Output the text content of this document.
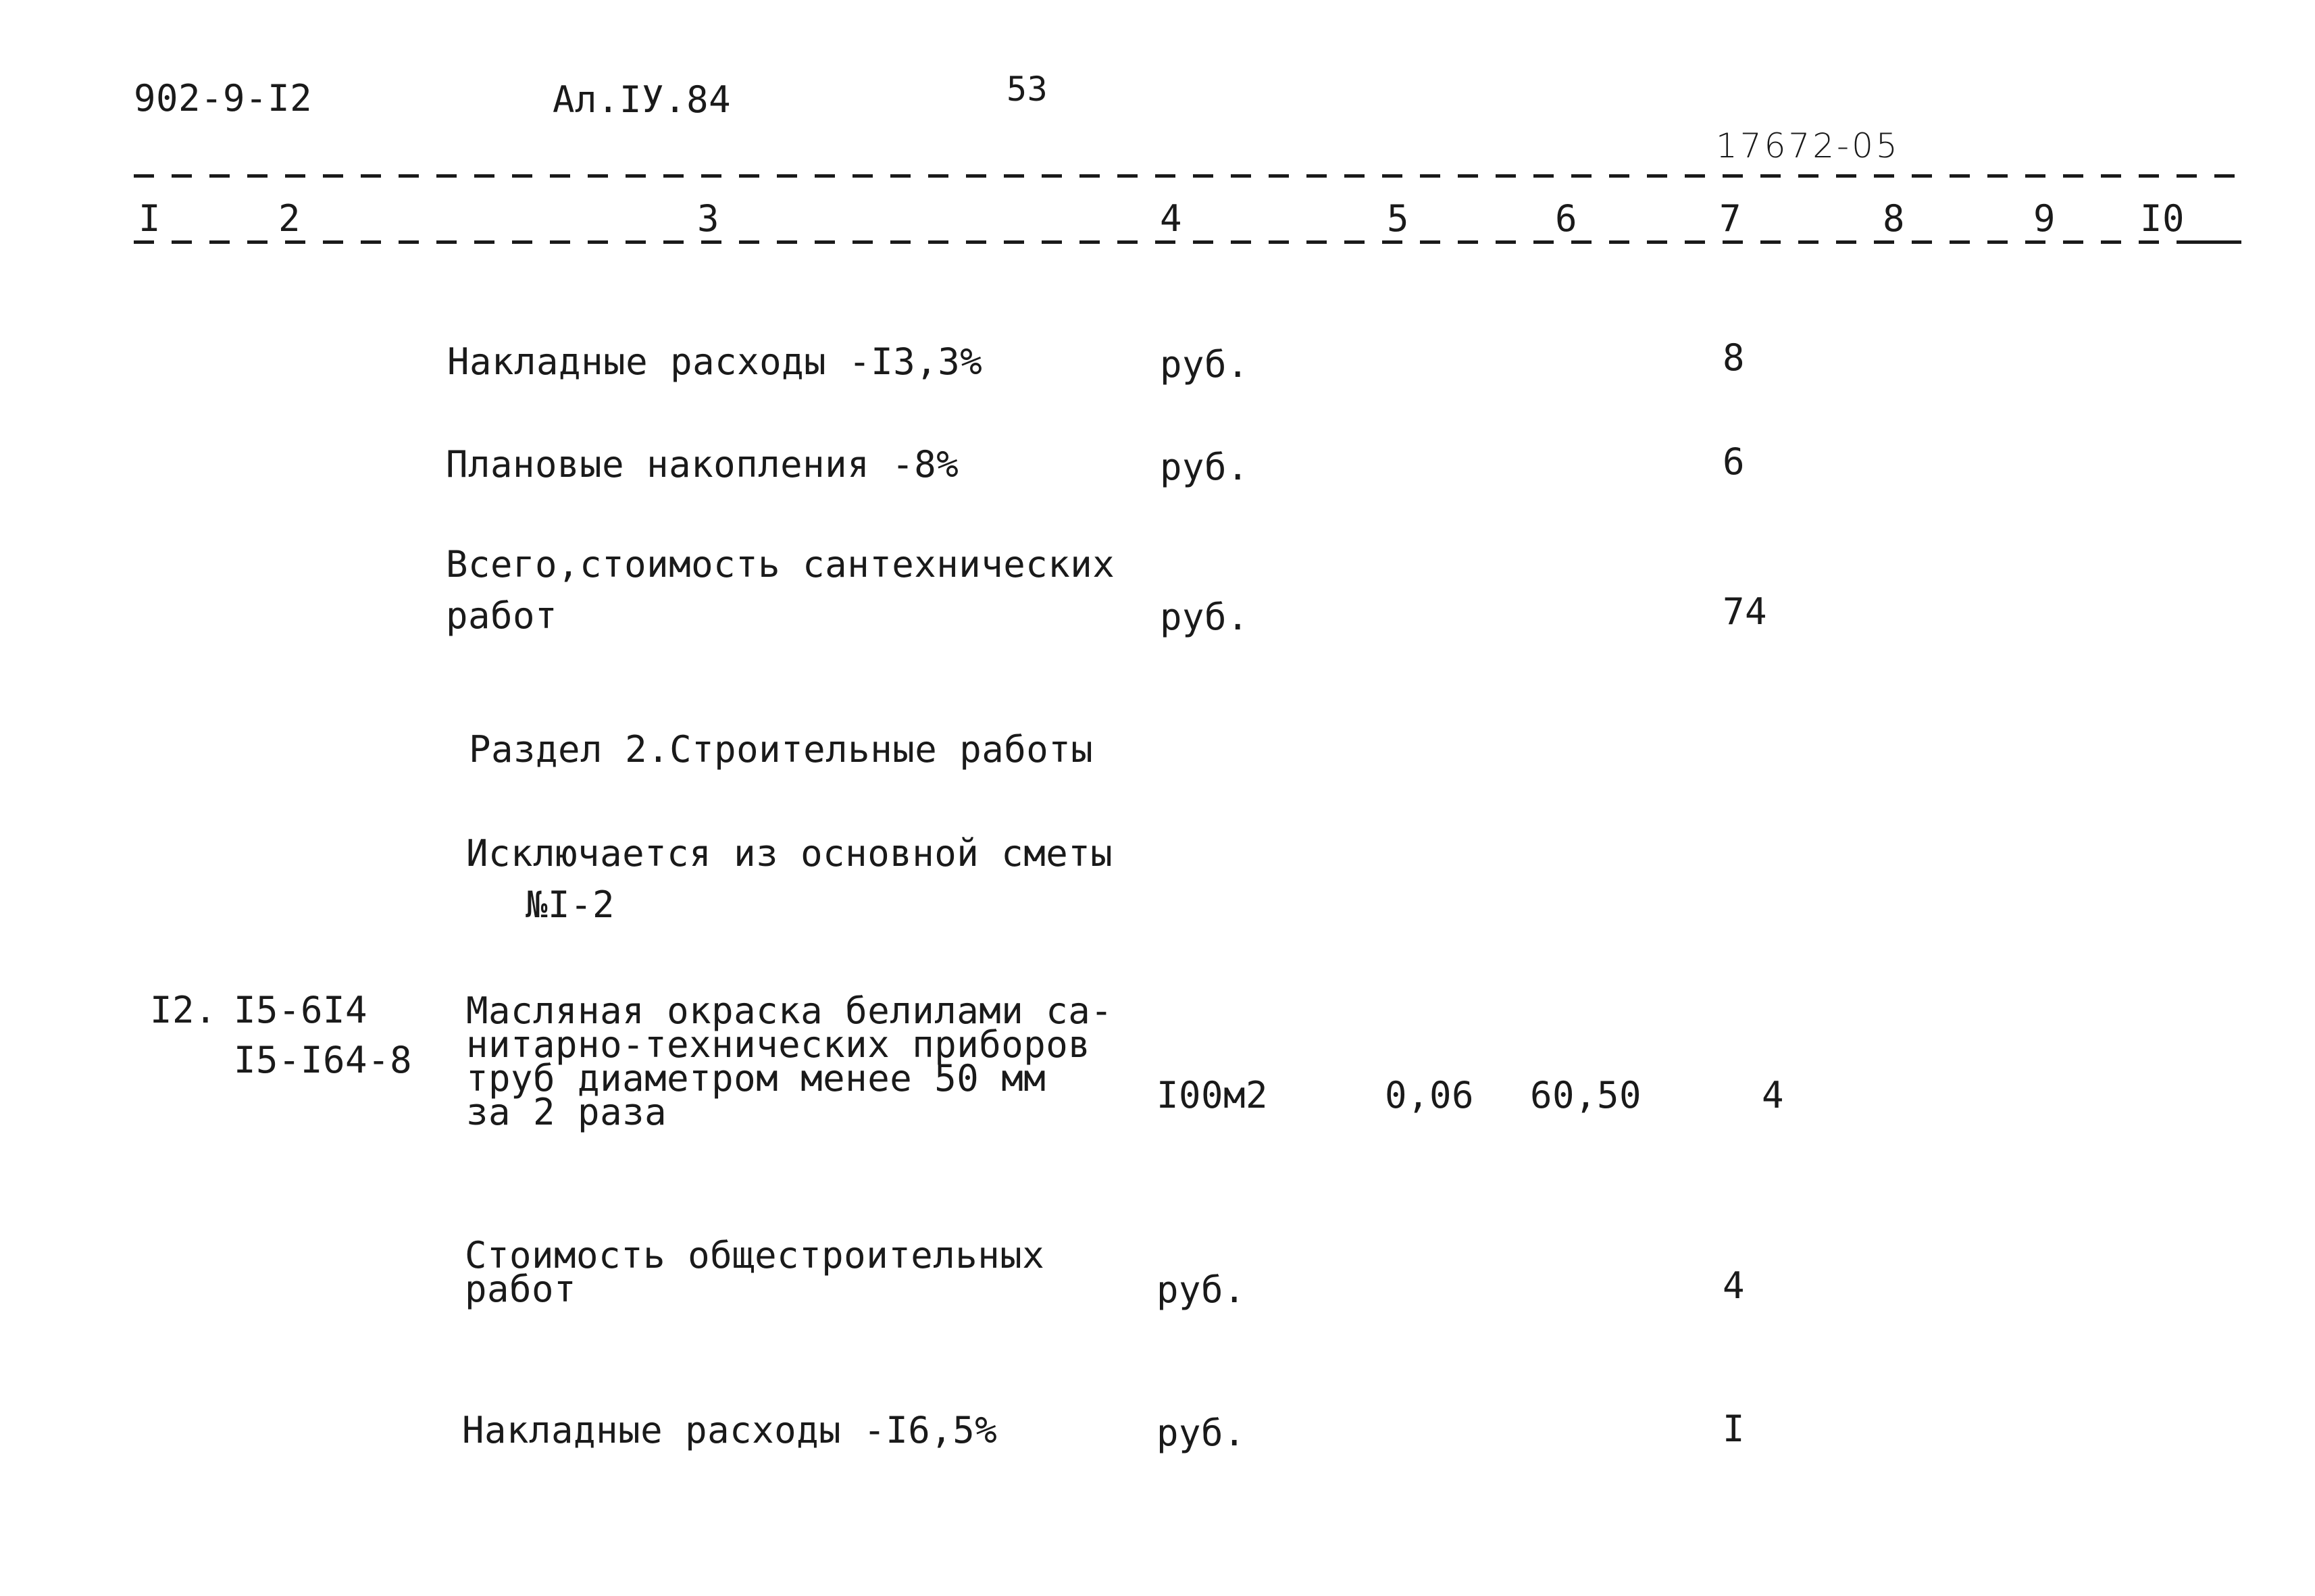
902-9-I2	Ал.IУ.84	53
17672-05
I	2	3	4	5	6	7	8	9 I0
Накладные расходы -I3,3%	руб.	8
Плановые накопления -8%	руб.	6
Всего,стоимость сантехнических
работ	руб.	74
Раздел 2.Строительные работы
Исключается из основной сметы
№I-2
I2. I5-6I4
I5-I64-8
Масляная окраска белилами са-
нитарно-технических приборов
труб диаметром менее 50 мм
за 2 раза	I00м2	0,06 60,50	4
Стоимость общестроительных
работ	руб.	4
Накладные расходы -I6,5%	руб.	I
